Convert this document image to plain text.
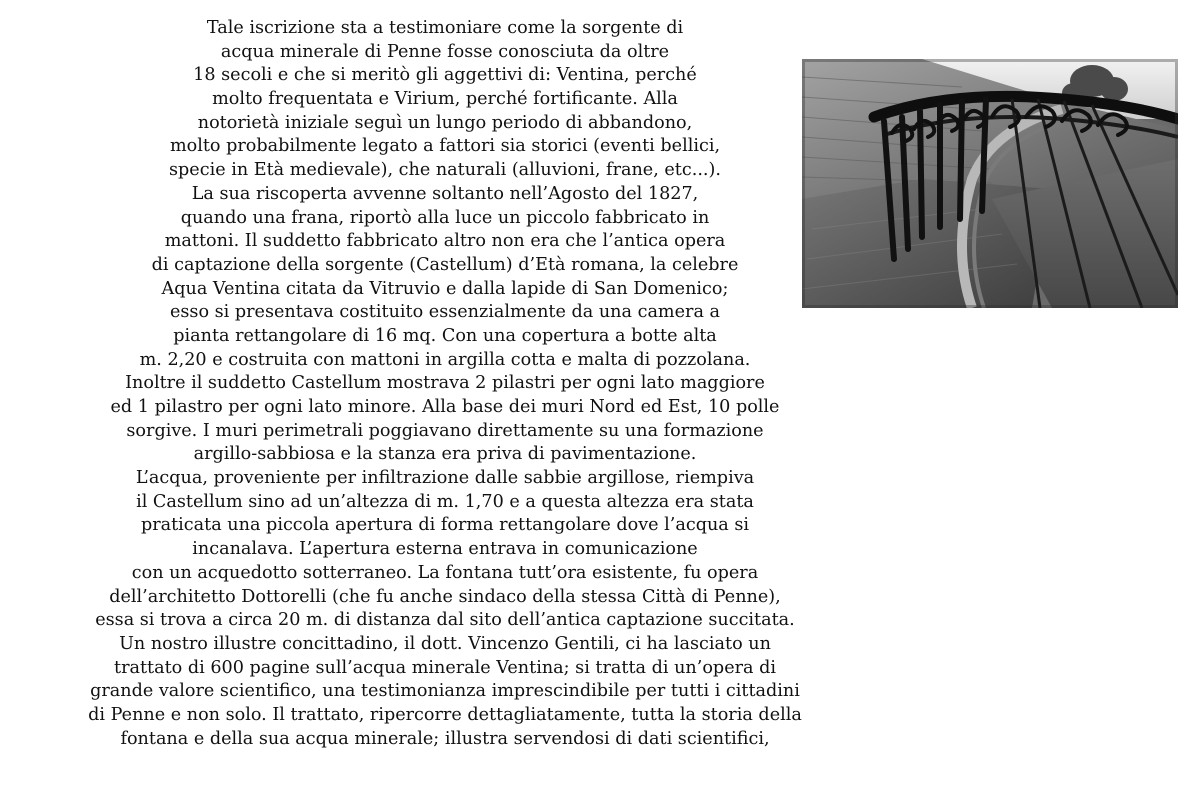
Tale iscrizione sta a testimoniare come la sorgente di
acqua minerale di Penne fosse conosciuta da oltre
18 secoli e che si meritò gli aggettivi di: Ventina, perché
molto frequentata e Virium, perché fortificante. Alla
notorietà iniziale seguì un lungo periodo di abbandono,
molto probabilmente legato a fattori sia storici (eventi bellici,
specie in Età medievale), che naturali (alluvioni, frane, etc...).
La sua riscoperta avvenne soltanto nell’Agosto del 1827,
quando una frana, riportò alla luce un piccolo fabbricato in
mattoni. Il suddetto fabbricato altro non era che l’antica opera
di captazione della sorgente (Castellum) d’Età romana, la celebre
Aqua Ventina citata da Vitruvio e dalla lapide di San Domenico;
esso si presentava costituito essenzialmente da una camera a
pianta rettangolare di 16 mq. Con una copertura a botte alta
m. 2,20 e costruita con mattoni in argilla cotta e malta di pozzolana.
Inoltre il suddetto Castellum mostrava 2 pilastri per ogni lato maggiore
ed 1 pilastro per ogni lato minore. Alla base dei muri Nord ed Est, 10 polle
sorgive. I muri perimetrali poggiavano direttamente su una formazione
argillo-sabbiosa e la stanza era priva di pavimentazione.
L’acqua, proveniente per infiltrazione dalle sabbie argillose, riempiva
il Castellum sino ad un’altezza di m. 1,70 e a questa altezza era stata
praticata una piccola apertura di forma rettangolare dove l’acqua si
incanalava. L’apertura esterna entrava in comunicazione
con un acquedotto sotterraneo. La fontana tutt’ora esistente, fu opera
dell’architetto Dottorelli (che fu anche sindaco della stessa Città di Penne),
essa si trova a circa 20 m. di distanza dal sito dell’antica captazione succitata.
Un nostro illustre concittadino, il dott. Vincenzo Gentili, ci ha lasciato un
trattato di 600 pagine sull’acqua minerale Ventina; si tratta di un’opera di
grande valore scientifico, una testimonianza imprescindibile per tutti i cittadini
di Penne e non solo. Il trattato, ripercorre dettagliatamente, tutta la storia della
fontana e della sua acqua minerale; illustra servendosi di dati scientifici,
